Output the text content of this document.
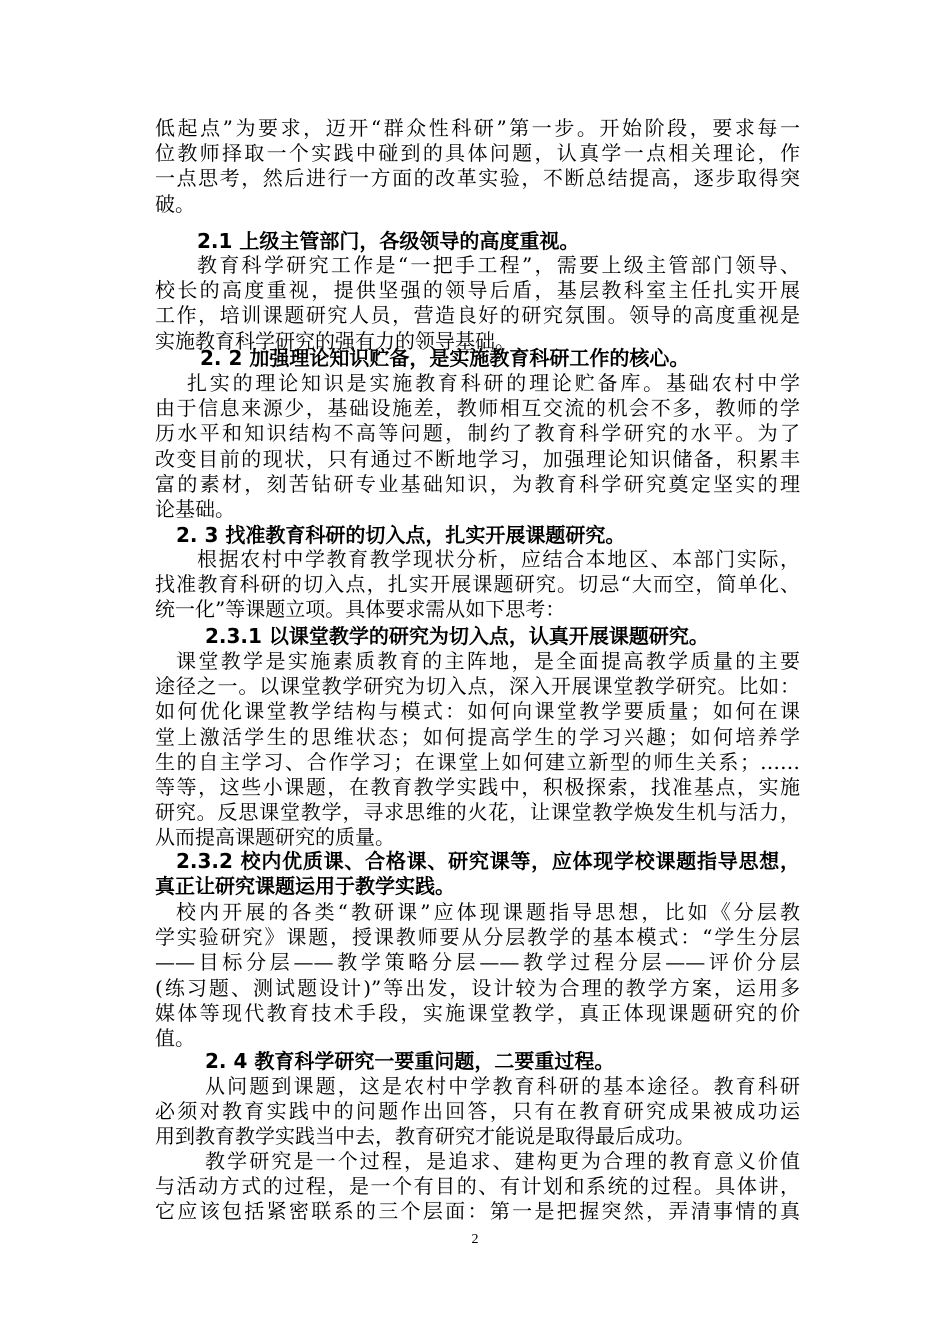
低起点”为要求，迈开“群众性科研”第一步。开始阶段，要求每一
位教师择取一个实践中碰到的具体问题，认真学一点相关理论，作
一点思考，然后进行一方面的改革实验，不断总结提高，逐步取得突
破。
2.1 上级主管部门，各级领导的高度重视。
教育科学研究工作是“一把手工程”，需要上级主管部门领导、
校长的高度重视，提供坚强的领导后盾，基层教科室主任扎实开展
工作，培训课题研究人员，营造良好的研究氛围。领导的高度重视是
实施教育科学研究的强有力的领导基础。
2. 2 加强理论知识贮备，是实施教育科研工作的核心。
扎实的理论知识是实施教育科研的理论贮备库。基础农村中学
由于信息来源少，基础设施差，教师相互交流的机会不多，教师的学
历水平和知识结构不高等问题，制约了教育科学研究的水平。为了
改变目前的现状，只有通过不断地学习，加强理论知识储备，积累丰
富的素材，刻苦钻研专业基础知识，为教育科学研究奠定坚实的理
论基础。
2. 3 找准教育科研的切入点，扎实开展课题研究。
根据农村中学教育教学现状分析，应结合本地区、本部门实际，
找准教育科研的切入点，扎实开展课题研究。切忌“大而空，简单化、
统一化”等课题立项。具体要求需从如下思考：
2.3.1 以课堂教学的研究为切入点，认真开展课题研究。
课堂教学是实施素质教育的主阵地，是全面提高教学质量的主要
途径之一。以课堂教学研究为切入点，深入开展课堂教学研究。比如：
如何优化课堂教学结构与模式：如何向课堂教学要质量；如何在课
堂上激活学生的思维状态；如何提高学生的学习兴趣；如何培养学
生的自主学习、合作学习；在课堂上如何建立新型的师生关系；……
等等，这些小课题，在教育教学实践中，积极探索，找准基点，实施
研究。反思课堂教学，寻求思维的火花，让课堂教学焕发生机与活力，
从而提高课题研究的质量。
2.3.2 校内优质课、合格课、研究课等，应体现学校课题指导思想，
真正让研究课题运用于教学实践。
校内开展的各类“教研课”应体现课题指导思想，比如《分层教
学实验研究》课题，授课教师要从分层教学的基本模式：“学生分层
——目标分层——教学策略分层——教学过程分层——评价分层
(练习题、测试题设计)”等出发，设计较为合理的教学方案，运用多
媒体等现代教育技术手段，实施课堂教学，真正体现课题研究的价
值。
2. 4 教育科学研究一要重问题，二要重过程。
从问题到课题，这是农村中学教育科研的基本途径。教育科研
必须对教育实践中的问题作出回答，只有在教育研究成果被成功运
用到教育教学实践当中去，教育研究才能说是取得最后成功。
教学研究是一个过程，是追求、建构更为合理的教育意义价值
与活动方式的过程，是一个有目的、有计划和系统的过程。具体讲，
它应该包括紧密联系的三个层面：第一是把握突然，弄清事情的真
2
